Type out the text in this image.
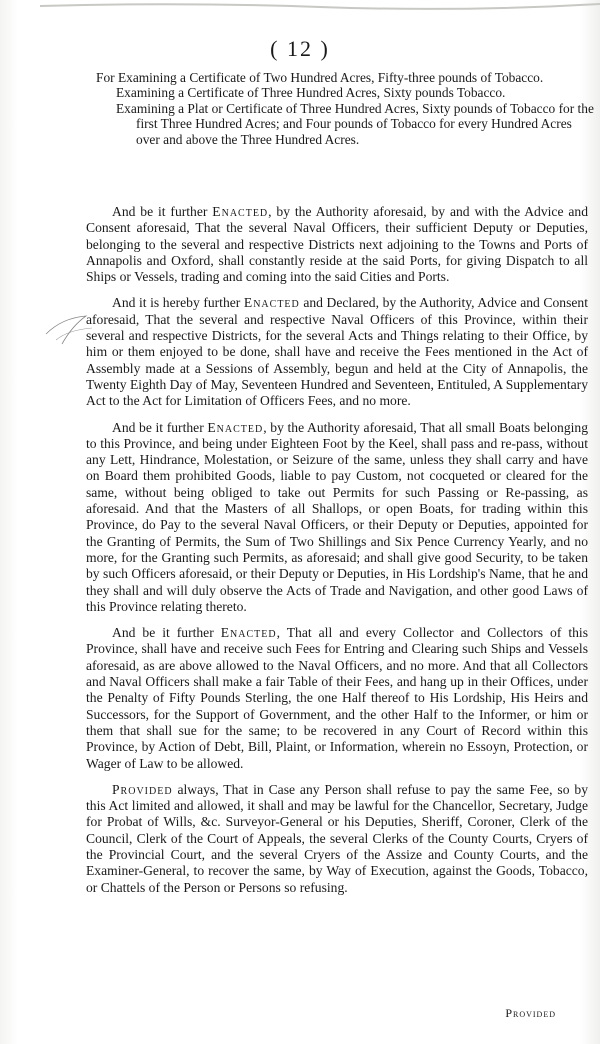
( 12 )
For Examining a Certificate of Two Hundred Acres, Fifty-three pounds of Tobacco.
Examining a Certificate of Three Hundred Acres, Sixty pounds Tobacco.
Examining a Plat or Certificate of Three Hundred Acres, Sixty pounds of Tobacco for the first Three Hundred Acres; and Four pounds of Tobacco for every Hundred Acres over and above the Three Hundred Acres.

And be it further Enacted, by the Authority aforesaid, by and with the Advice and Consent aforesaid, That the several Naval Officers, their sufficient Deputy or Deputies, belonging to the several and respective Districts next adjoining to the Towns and Ports of Annapolis and Oxford, shall constantly reside at the said Ports, for giving Dispatch to all Ships or Vessels, trading and coming into the said Cities and Ports.

And it is hereby further Enacted and Declared, by the Authority, Advice and Consent aforesaid, That the several and respective Naval Officers of this Province, within their several and respective Districts, for the several Acts and Things relating to their Office, by him or them enjoyed to be done, shall have and receive the Fees mentioned in the Act of Assembly made at a Sessions of Assembly, begun and held at the City of Annapolis, the Twenty Eighth Day of May, Seventeen Hundred and Seventeen, Entituled, A Supplementary Act to the Act for Limitation of Officers Fees, and no more.

And be it further Enacted, by the Authority aforesaid, That all small Boats belonging to this Province, and being under Eighteen Foot by the Keel, shall pass and re-pass, without any Lett, Hindrance, Molestation, or Seizure of the same, unless they shall carry and have on Board them prohibited Goods, liable to pay Custom, not cocqueted or cleared for the same, without being obliged to take out Permits for such Passing or Re-passing, as aforesaid. And that the Masters of all Shallops, or open Boats, for trading within this Province, do Pay to the several Naval Officers, or their Deputy or Deputies, appointed for the Granting of Permits, the Sum of Two Shillings and Six Pence Currency Yearly, and no more, for the Granting such Permits, as aforesaid; and shall give good Security, to be taken by such Officers aforesaid, or their Deputy or Deputies, in His Lordship's Name, that he and they shall and will duly observe the Acts of Trade and Navigation, and other good Laws of this Province relating thereto.

And be it further Enacted, That all and every Collector and Collectors of this Province, shall have and receive such Fees for Entring and Clearing such Ships and Vessels aforesaid, as are above allowed to the Naval Officers, and no more. And that all Collectors and Naval Officers shall make a fair Table of their Fees, and hang up in their Offices, under the Penalty of Fifty Pounds Sterling, the one Half thereof to His Lordship, His Heirs and Successors, for the Support of Government, and the other Half to the Informer, or him or them that shall sue for the same; to be recovered in any Court of Record within this Province, by Action of Debt, Bill, Plaint, or Information, wherein no Essoyn, Protection, or Wager of Law to be allowed.

Provided always, That in Case any Person shall refuse to pay the same Fee, so by this Act limited and allowed, it shall and may be lawful for the Chancellor, Secretary, Judge for Probat of Wills, &c. Surveyor-General or his Deputies, Sheriff, Coroner, Clerk of the Council, Clerk of the Court of Appeals, the several Clerks of the County Courts, Cryers of the Provincial Court, and the several Cryers of the Assize and County Courts, and the Examiner-General, to recover the same, by Way of Execution, against the Goods, Tobacco, or Chattels of the Person or Persons so refusing.

Provided
